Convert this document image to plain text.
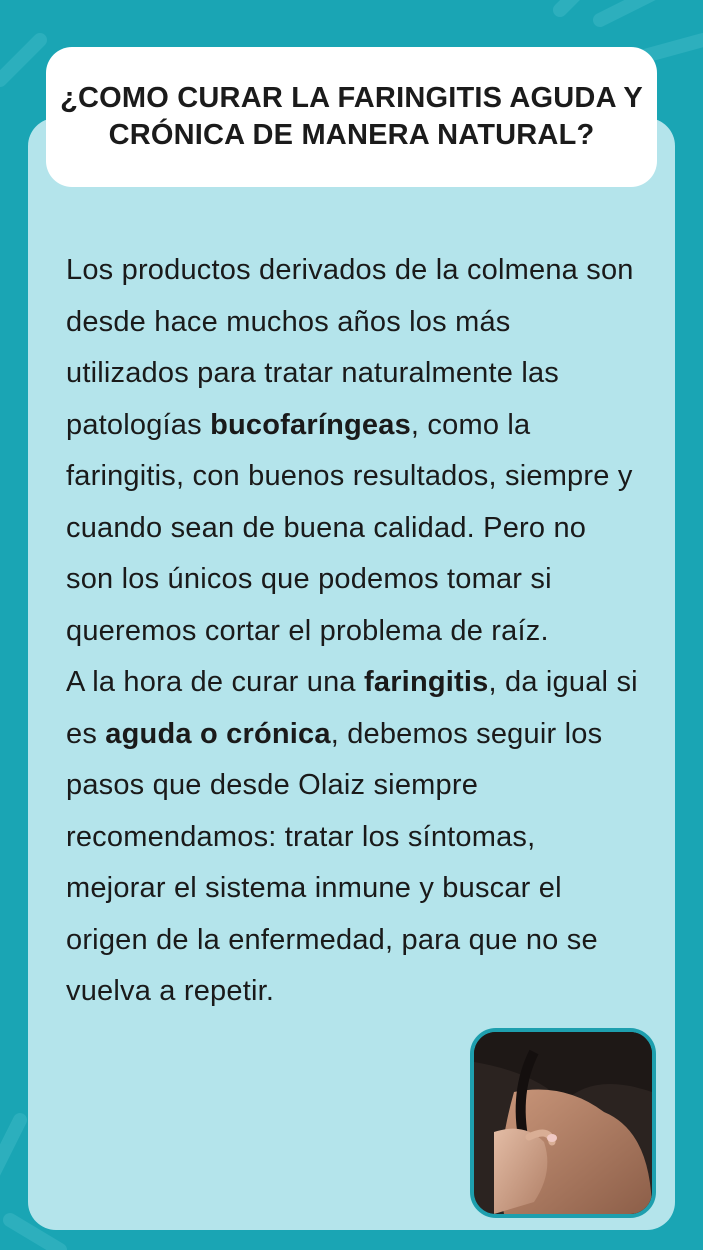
¿COMO CURAR LA FARINGITIS AGUDA Y
CRÓNICA DE MANERA NATURAL?

Los productos derivados de la colmena son desde hace muchos años los más utilizados para tratar naturalmente las patologías bucofaríngeas, como la faringitis, con buenos resultados, siempre y cuando sean de buena calidad. Pero no son los únicos que podemos tomar si queremos cortar el problema de raíz.

A la hora de curar una faringitis, da igual si es aguda o crónica, debemos seguir los pasos que desde Olaiz siempre recomendamos: tratar los síntomas, mejorar el sistema inmune y buscar el origen de la enfermedad, para que no se vuelva a repetir.
